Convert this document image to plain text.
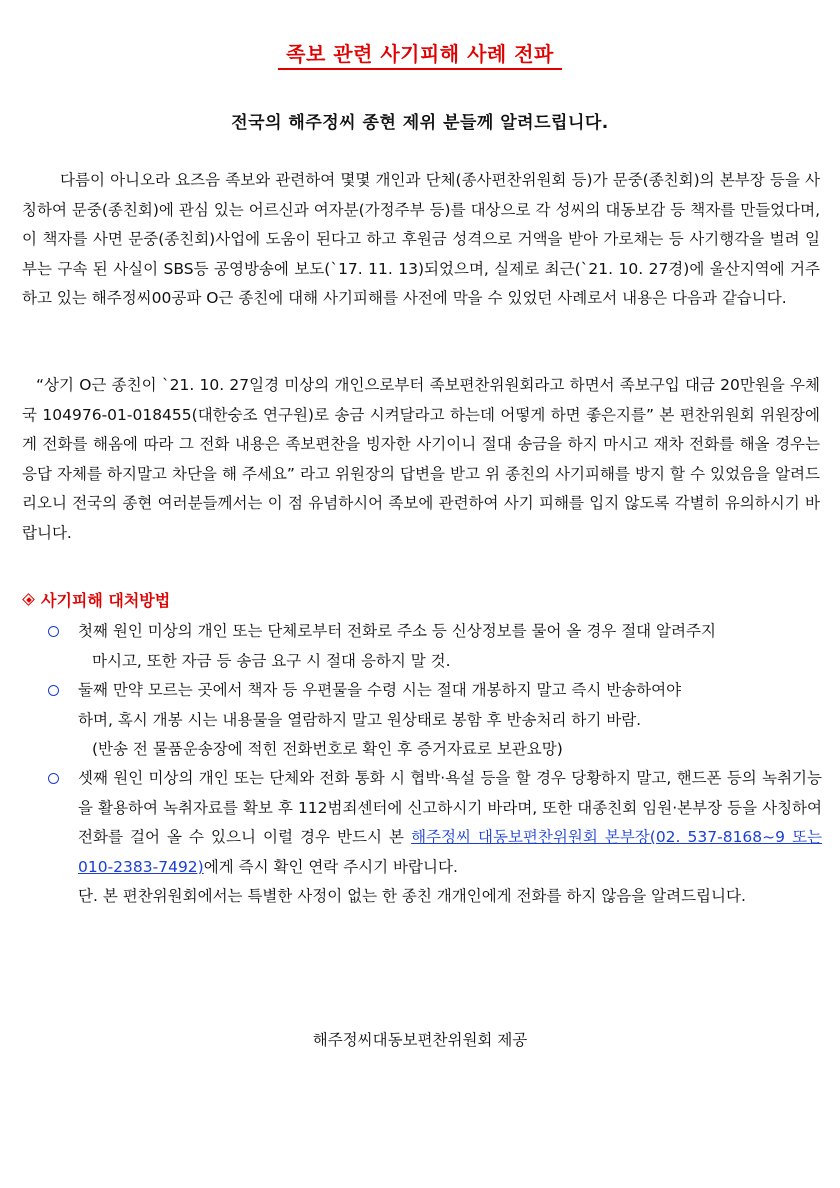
족보 관련 사기피해 사례 전파
전국의 해주정씨 종현 제위 분들께 알려드립니다.

다름이 아니오라 요즈음 족보와 관련하여 몇몇 개인과 단체(종사편찬위원회 등)가 문중(종친회)의 본부장 등을 사칭하여 문중(종친회)에 관심 있는 어르신과 여자분(가정주부 등)를 대상으로 각 성씨의 대동보감 등 책자를 만들었다며, 이 책자를 사면 문중(종친회)사업에 도움이 된다고 하고 후원금 성격으로 거액을 받아 가로채는 등 사기행각을 벌려 일부는 구속 된 사실이 SBS등 공영방송에 보도(`17. 11. 13)되었으며, 실제로 최근(`21. 10. 27경)에 울산지역에 거주하고 있는 해주정씨00공파 O근 종친에 대해 사기피해를 사전에 막을 수 있었던 사례로서 내용은 다음과 같습니다.

“상기 O근 종친이 `21. 10. 27일경 미상의 개인으로부터 족보편찬위원회라고 하면서 족보구입 대금 20만원을 우체국 104976-01-018455(대한숭조 연구원)로 송금 시켜달라고 하는데 어떻게 하면 좋은지를” 본 편찬위원회 위원장에게 전화를 해옴에 따라 그 전화 내용은 족보편찬을 빙자한 사기이니 절대 송금을 하지 마시고 재차 전화를 해올 경우는 응답 자체를 하지말고 차단을 해 주세요” 라고 위원장의 답변을 받고 위 종친의 사기피해를 방지 할 수 있었음을 알려드리오니 전국의 종현 여러분들께서는 이 점 유념하시어 족보에 관련하여 사기 피해를 입지 않도록 각별히 유의하시기 바랍니다.

사기피해 대처방법

첫째 원인 미상의 개인 또는 단체로부터 전화로 주소 등 신상정보를 물어 올 경우 절대 알려주지

마시고, 또한 자금 등 송금 요구 시 절대 응하지 말 것.

둘째 만약 모르는 곳에서 책자 등 우편물을 수령 시는 절대 개봉하지 말고 즉시 반송하여야

하며, 혹시 개봉 시는 내용물을 열람하지 말고 원상태로 봉함 후 반송처리 하기 바람.

(반송 전 물품운송장에 적힌 전화번호로 확인 후 증거자료로 보관요망)

셋째 원인 미상의 개인 또는 단체와 전화 통화 시 협박·욕설 등을 할 경우 당황하지 말고, 핸드폰 등의 녹취기능을 활용하여 녹취자료를 확보 후 112범죄센터에 신고하시기 바라며, 또한 대종친회 임원·본부장 등을 사칭하여 전화를 걸어 올 수 있으니 이럴 경우 반드시 본 해주정씨 대동보편찬위원회 본부장(02. 537-8168~9 또는 010-2383-7492)에게 즉시 확인 연락 주시기 바랍니다.

단. 본 편찬위원회에서는 특별한 사정이 없는 한 종친 개개인에게 전화를 하지 않음을 알려드립니다.

해주정씨대동보편찬위원회 제공
